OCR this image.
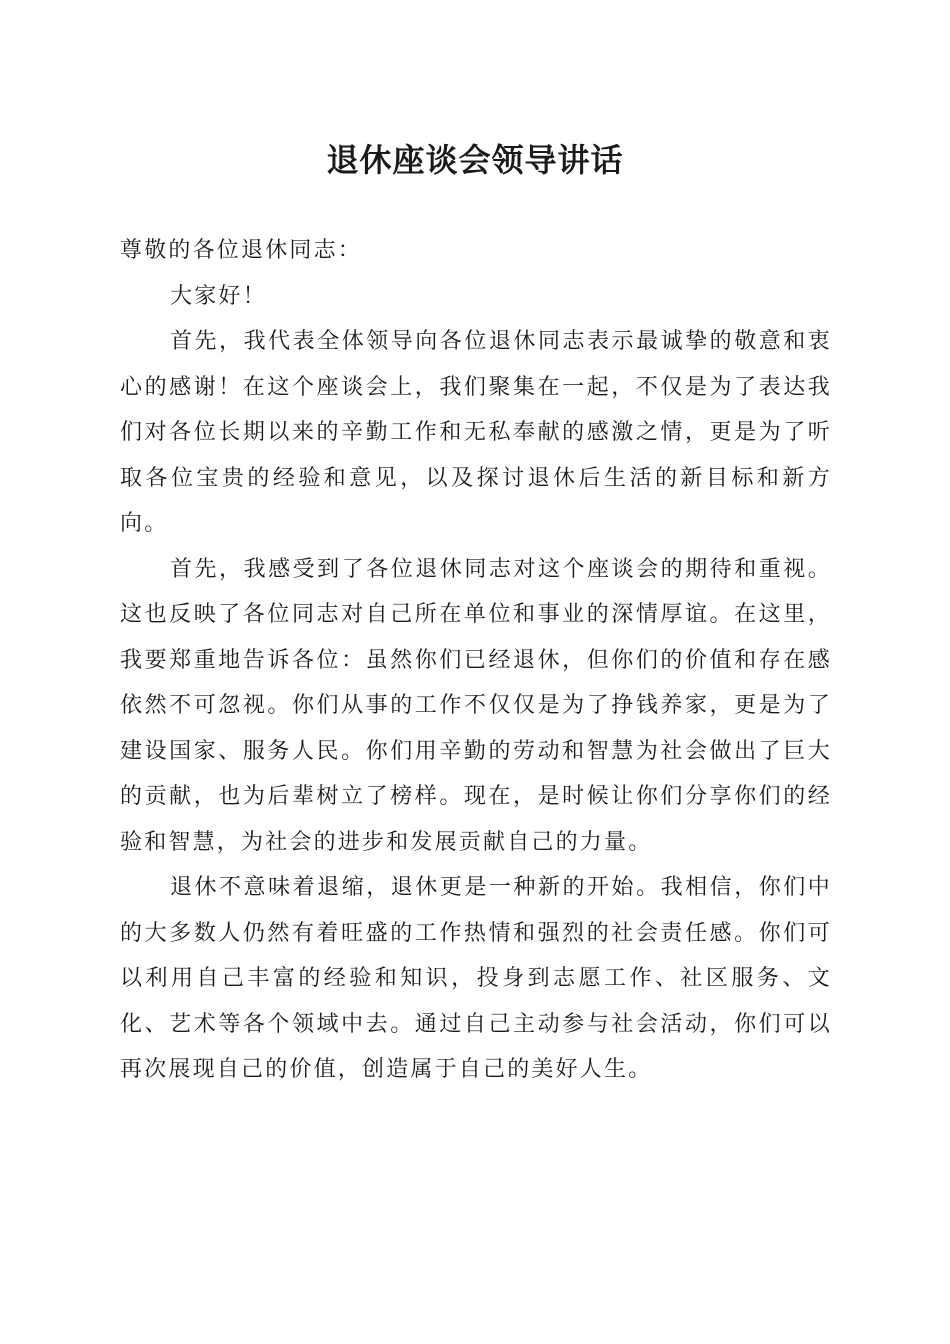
退休座谈会领导讲话

尊敬的各位退休同志：

大家好！

首先，我代表全体领导向各位退休同志表示最诚挚的敬意和衷心的感谢！在这个座谈会上，我们聚集在一起，不仅是为了表达我们对各位长期以来的辛勤工作和无私奉献的感激之情，更是为了听取各位宝贵的经验和意见，以及探讨退休后生活的新目标和新方向。

首先，我感受到了各位退休同志对这个座谈会的期待和重视。这也反映了各位同志对自己所在单位和事业的深情厚谊。在这里，我要郑重地告诉各位：虽然你们已经退休，但你们的价值和存在感依然不可忽视。你们从事的工作不仅仅是为了挣钱养家，更是为了建设国家、服务人民。你们用辛勤的劳动和智慧为社会做出了巨大的贡献，也为后辈树立了榜样。现在，是时候让你们分享你们的经验和智慧，为社会的进步和发展贡献自己的力量。

退休不意味着退缩，退休更是一种新的开始。我相信，你们中的大多数人仍然有着旺盛的工作热情和强烈的社会责任感。你们可以利用自己丰富的经验和知识，投身到志愿工作、社区服务、文化、艺术等各个领域中去。通过自己主动参与社会活动，你们可以再次展现自己的价值，创造属于自己的美好人生。
